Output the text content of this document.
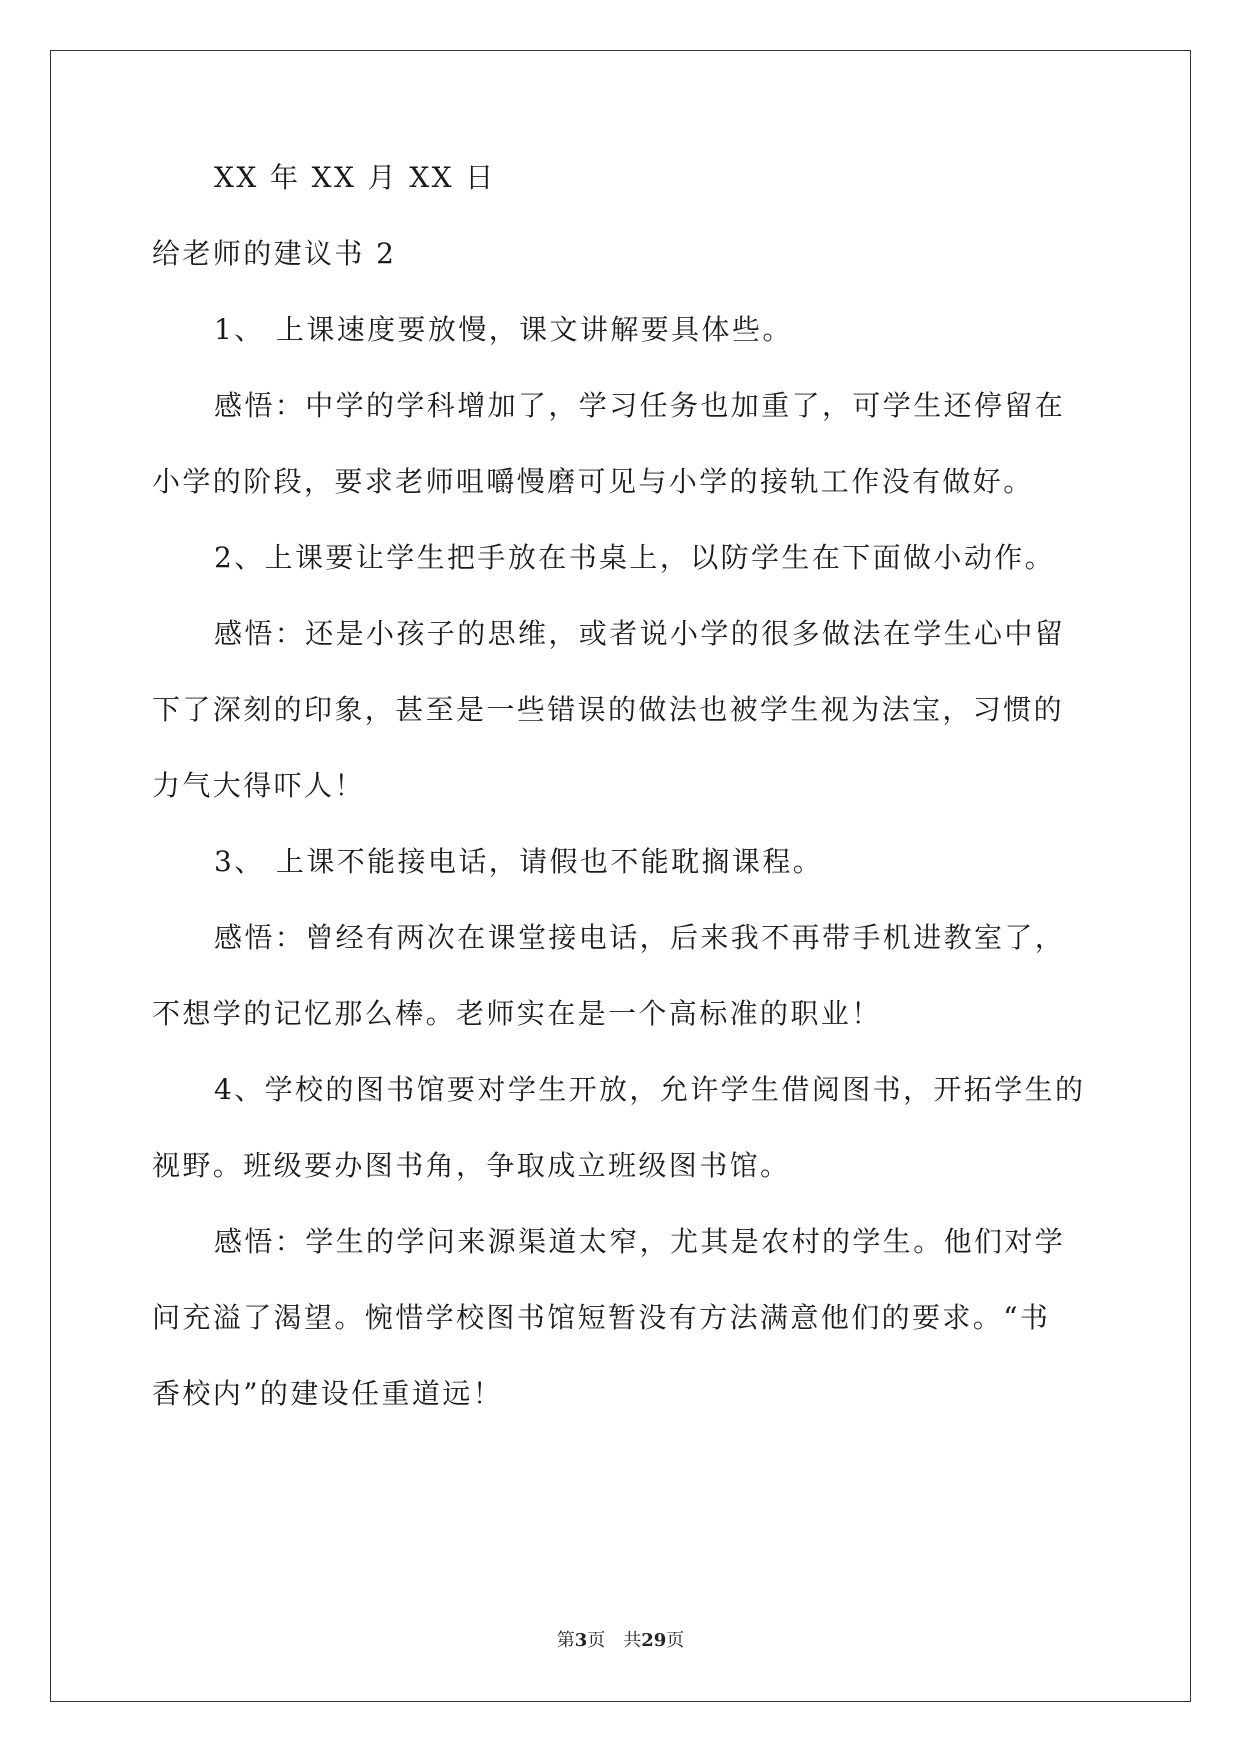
XX 年 XX 月 XX 日
给老师的建议书 2
1、 上课速度要放慢，课文讲解要具体些。
感悟：中学的学科增加了，学习任务也加重了，可学生还停留在
小学的阶段，要求老师咀嚼慢磨可见与小学的接轨工作没有做好。
2、上课要让学生把手放在书桌上，以防学生在下面做小动作。
感悟：还是小孩子的思维，或者说小学的很多做法在学生心中留
下了深刻的印象，甚至是一些错误的做法也被学生视为法宝，习惯的
力气大得吓人！
3、 上课不能接电话，请假也不能耽搁课程。
感悟：曾经有两次在课堂接电话，后来我不再带手机进教室了，
不想学的记忆那么棒。老师实在是一个高标准的职业！
4、学校的图书馆要对学生开放，允许学生借阅图书，开拓学生的
视野。班级要办图书角，争取成立班级图书馆。
感悟：学生的学问来源渠道太窄，尤其是农村的学生。他们对学
问充溢了渴望。惋惜学校图书馆短暂没有方法满意他们的要求。“书
香校内”的建设任重道远！
第3页 共29页
